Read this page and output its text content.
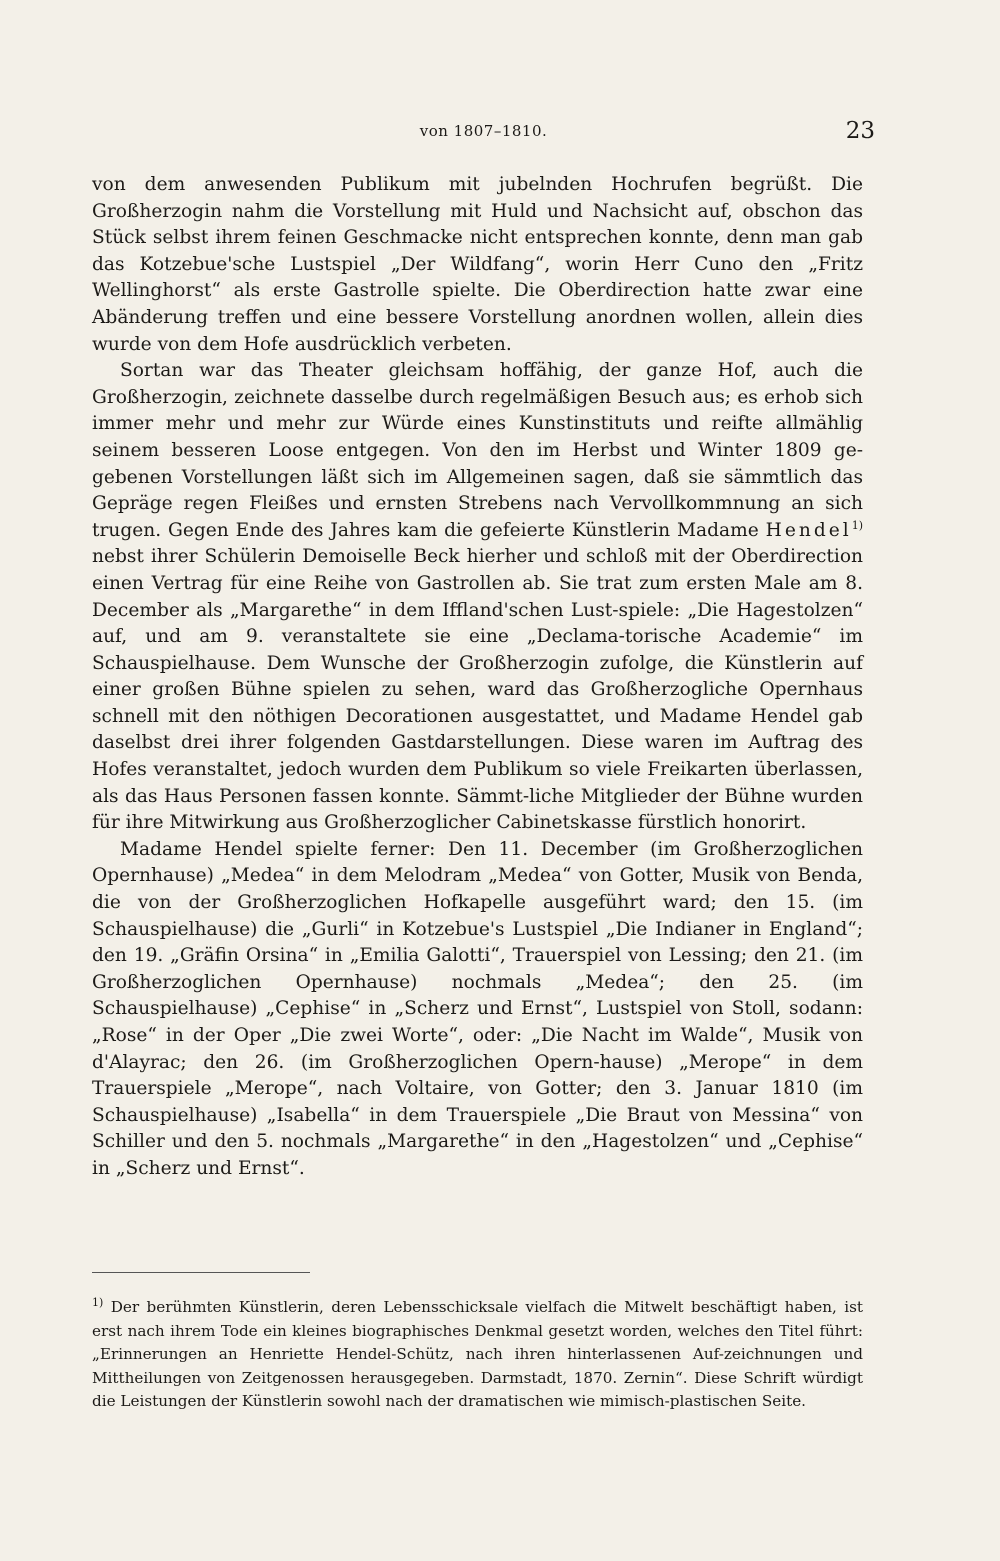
von 1807–1810.	23

von dem anwesenden Publikum mit jubelnden Hochrufen begrüßt. Die Großherzogin nahm die Vorstellung mit Huld und Nachsicht auf, obschon das Stück selbst ihrem feinen Geschmacke nicht entsprechen konnte, denn man gab das Kotzebue'sche Lustspiel „Der Wildfang“, worin Herr Cuno den „Fritz Wellinghorst“ als erste Gastrolle spielte. Die Oberdirection hatte zwar eine Abänderung treffen und eine bessere Vorstellung anordnen wollen, allein dies wurde von dem Hofe ausdrücklich verbeten.

Sortan war das Theater gleichsam hoffähig, der ganze Hof, auch die Großherzogin, zeichnete dasselbe durch regelmäßigen Besuch aus; es erhob sich immer mehr und mehr zur Würde eines Kunstinstituts und reifte allmählig seinem besseren Loose entgegen. Von den im Herbst und Winter 1809 ge-gebenen Vorstellungen läßt sich im Allgemeinen sagen, daß sie sämmtlich das Gepräge regen Fleißes und ernsten Strebens nach Vervollkommnung an sich trugen. Gegen Ende des Jahres kam die gefeierte Künstlerin Madame Hendel$^{1)}$ nebst ihrer Schülerin Demoiselle Beck hierher und schloß mit der Oberdirection einen Vertrag für eine Reihe von Gastrollen ab. Sie trat zum ersten Male am 8. December als „Margarethe“ in dem Iffland'schen Lust-spiele: „Die Hagestolzen“ auf, und am 9. veranstaltete sie eine „Declama-torische Academie“ im Schauspielhause. Dem Wunsche der Großherzogin zufolge, die Künstlerin auf einer großen Bühne spielen zu sehen, ward das Großherzogliche Opernhaus schnell mit den nöthigen Decorationen ausgestattet, und Madame Hendel gab daselbst drei ihrer folgenden Gastdarstellungen. Diese waren im Auftrag des Hofes veranstaltet, jedoch wurden dem Publikum so viele Freikarten überlassen, als das Haus Personen fassen konnte. Sämmt-liche Mitglieder der Bühne wurden für ihre Mitwirkung aus Großherzoglicher Cabinetskasse fürstlich honorirt.

Madame Hendel spielte ferner: Den 11. December (im Großherzoglichen Opernhause) „Medea“ in dem Melodram „Medea“ von Gotter, Musik von Benda, die von der Großherzoglichen Hofkapelle ausgeführt ward; den 15. (im Schauspielhause) die „Gurli“ in Kotzebue's Lustspiel „Die Indianer in England“; den 19. „Gräfin Orsina“ in „Emilia Galotti“, Trauerspiel von Lessing; den 21. (im Großherzoglichen Opernhause) nochmals „Medea“; den 25. (im Schauspielhause) „Cephise“ in „Scherz und Ernst“, Lustspiel von Stoll, sodann: „Rose“ in der Oper „Die zwei Worte“, oder: „Die Nacht im Walde“, Musik von d'Alayrac; den 26. (im Großherzoglichen Opern-hause) „Merope“ in dem Trauerspiele „Merope“, nach Voltaire, von Gotter; den 3. Januar 1810 (im Schauspielhause) „Isabella“ in dem Trauerspiele „Die Braut von Messina“ von Schiller und den 5. nochmals „Margarethe“ in den „Hagestolzen“ und „Cephise“ in „Scherz und Ernst“.

$^{1)}$ Der berühmten Künstlerin, deren Lebensschicksale vielfach die Mitwelt beschäftigt haben, ist erst nach ihrem Tode ein kleines biographisches Denkmal gesetzt worden, welches den Titel führt: „Erinnerungen an Henriette Hendel-Schütz, nach ihren hinterlassenen Auf-zeichnungen und Mittheilungen von Zeitgenossen herausgegeben. Darmstadt, 1870. Zernin“. Diese Schrift würdigt die Leistungen der Künstlerin sowohl nach der dramatischen wie mimisch-plastischen Seite.
